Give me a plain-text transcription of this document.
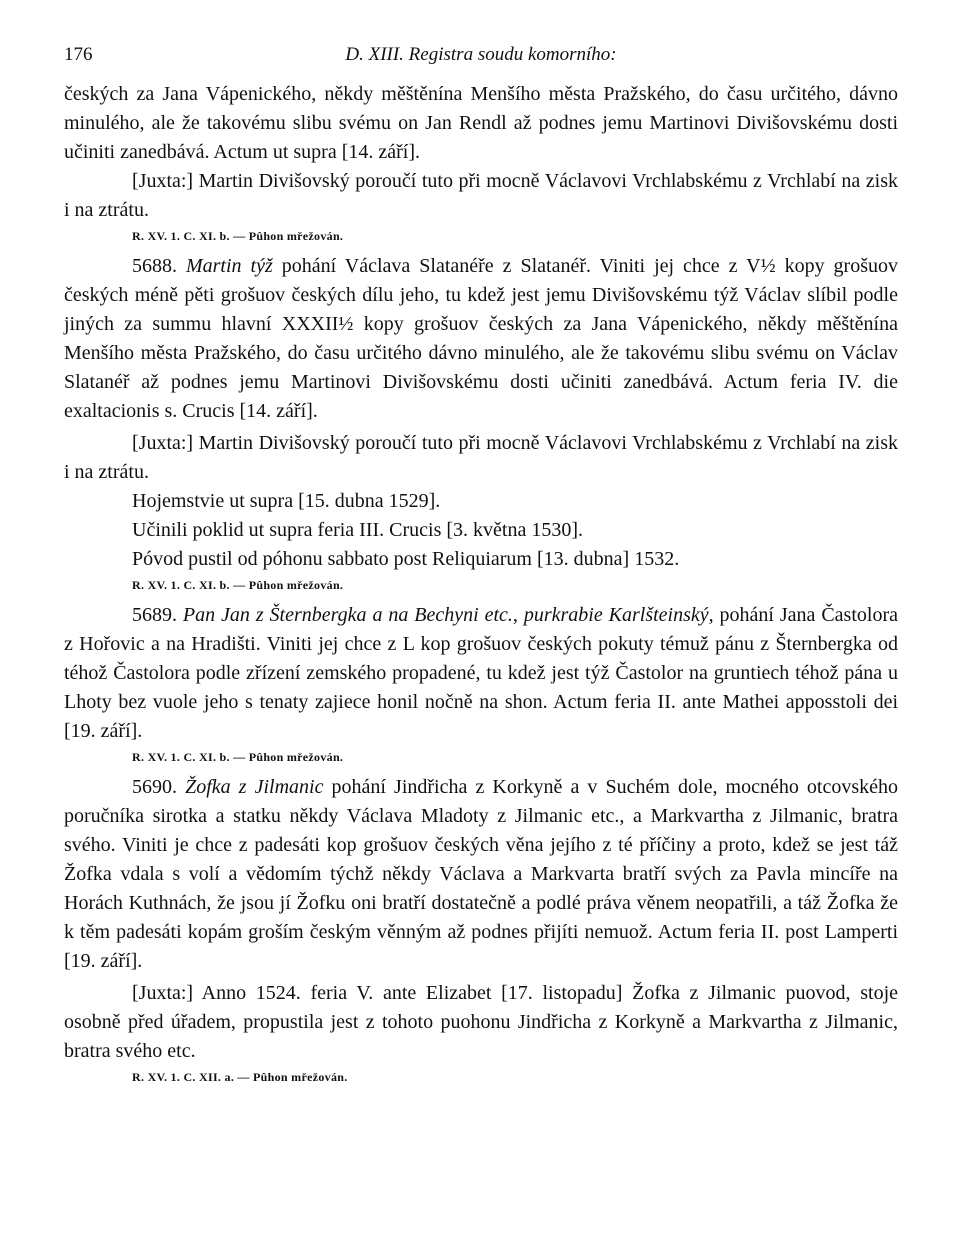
176	D. XIII. Registra soudu komorního:

českých za Jana Vápenického, někdy měštěnína Menšího města Pražského, do času určitého, dávno minulého, ale že takovému slibu svému on Jan Rendl až podnes jemu Martinovi Divišovskému dosti učiniti zanedbává. Actum ut supra [14. září].

[Juxta:] Martin Divišovský poroučí tuto při mocně Václavovi Vrchlabskému z Vrchlabí na zisk i na ztrátu.

R. XV. 1. C. XI. b. — Pûhon mřežován.

5688. Martin týž pohání Václava Slatanéře z Slatanéř. Viniti jej chce z V½ kopy grošuov českých méně pěti grošuov českých dílu jeho, tu kdež jest jemu Divišovskému týž Václav slíbil podle jiných za summu hlavní XXXII½ kopy grošuov českých za Jana Vápenického, někdy měštěnína Menšího města Pražského, do času určitého dávno minulého, ale že takovému slibu svému on Václav Slatanéř až podnes jemu Martinovi Divišovskému dosti učiniti zanedbává. Actum feria IV. die exaltacionis s. Crucis [14. září].

[Juxta:] Martin Divišovský poroučí tuto při mocně Václavovi Vrchlabskému z Vrchlabí na zisk i na ztrátu.

Hojemstvie ut supra [15. dubna 1529].

Učinili poklid ut supra feria III. Crucis [3. května 1530].

Póvod pustil od póhonu sabbato post Reliquiarum [13. dubna] 1532.

R. XV. 1. C. XI. b. — Pûhon mřežován.

5689. Pan Jan z Šternbergka a na Bechyni etc., purkrabie Karlšteinský, pohání Jana Častolora z Hořovic a na Hradišti. Viniti jej chce z L kop grošuov českých pokuty témuž pánu z Šternbergka od téhož Častolora podle zřízení zemského propadené, tu kdež jest týž Častolor na gruntiech téhož pána u Lhoty bez vuole jeho s tenaty zajiece honil nočně na shon. Actum feria II. ante Mathei apposstoli dei [19. září].

R. XV. 1. C. XI. b. — Pûhon mřežován.

5690. Žofka z Jilmanic pohání Jindřicha z Korkyně a v Suchém dole, mocného otcovského poručníka sirotka a statku někdy Václava Mladoty z Jilmanic etc., a Markvartha z Jilmanic, bratra svého. Viniti je chce z padesáti kop grošuov českých věna jejího z té příčiny a proto, kdež se jest táž Žofka vdala s volí a vědomím týchž někdy Václava a Markvarta bratří svých za Pavla mincíře na Horách Kuthnách, že jsou jí Žofku oni bratří dostatečně a podlé práva věnem neopatřili, a táž Žofka že k těm padesáti kopám groším českým věnným až podnes přijíti nemuož. Actum feria II. post Lamperti [19. září].

[Juxta:] Anno 1524. feria V. ante Elizabet [17. listopadu] Žofka z Jilmanic puovod, stoje osobně před úřadem, propustila jest z tohoto puohonu Jindřicha z Korkyně a Markvartha z Jilmanic, bratra svého etc.

R. XV. 1. C. XII. a. — Pûhon mřežován.
